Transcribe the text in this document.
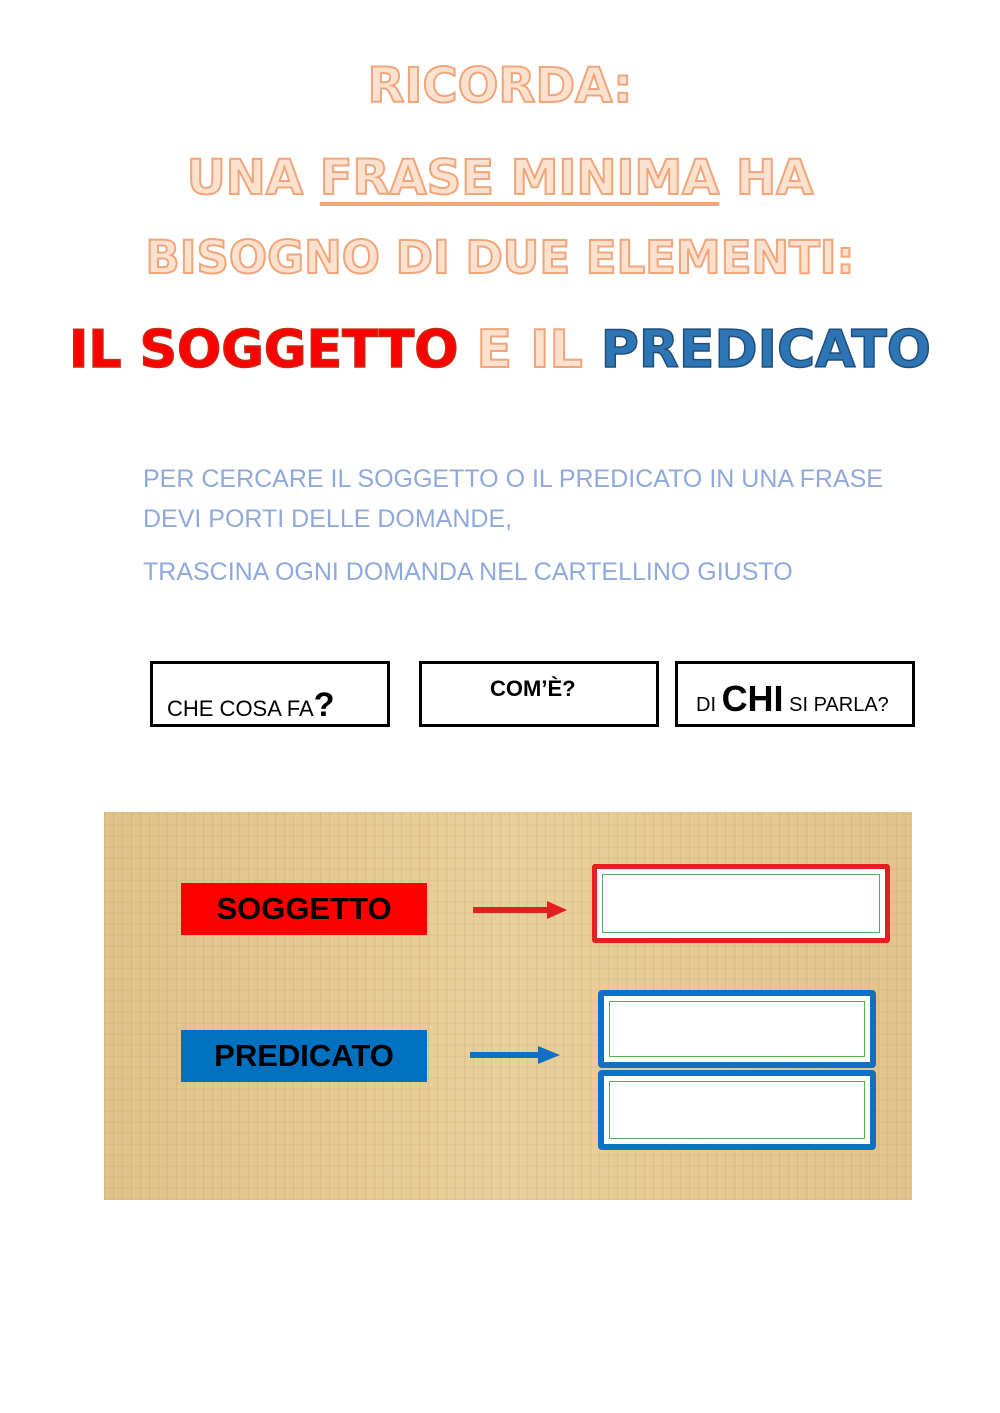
RICORDA:
UNA FRASE MINIMA HA
BISOGNO DI DUE ELEMENTI:
IL SOGGETTO E IL PREDICATO
PER CERCARE IL SOGGETTO O IL PREDICATO IN UNA FRASE DEVI PORTI DELLE DOMANDE,
TRASCINA OGNI DOMANDA NEL CARTELLINO GIUSTO
CHE COSA FA?	COM’È?
DI CHI SI PARLA?
SOGGETTO
PREDICATO
